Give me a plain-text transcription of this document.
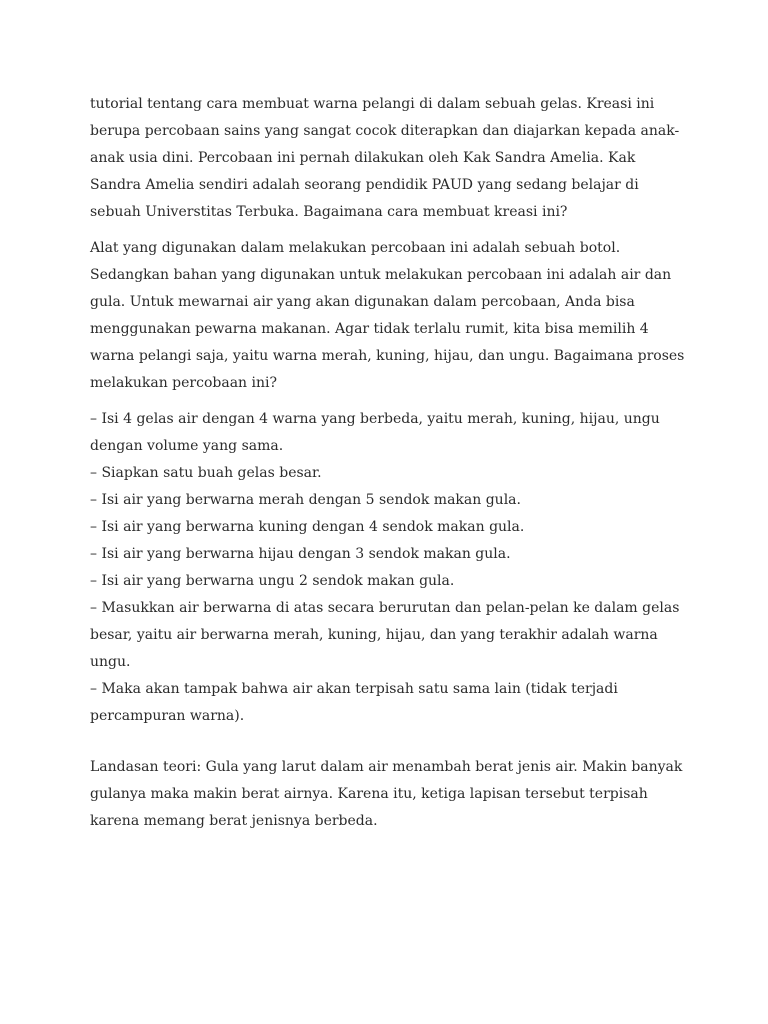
tutorial tentang cara membuat warna pelangi di dalam sebuah gelas. Kreasi ini berupa percobaan sains yang sangat cocok diterapkan dan diajarkan kepada anak-anak usia dini. Percobaan ini pernah dilakukan oleh Kak Sandra Amelia. Kak Sandra Amelia sendiri adalah seorang pendidik PAUD yang sedang belajar di sebuah Universtitas Terbuka. Bagaimana cara membuat kreasi ini?

Alat yang digunakan dalam melakukan percobaan ini adalah sebuah botol. Sedangkan bahan yang digunakan untuk melakukan percobaan ini adalah air dan gula. Untuk mewarnai air yang akan digunakan dalam percobaan, Anda bisa menggunakan pewarna makanan. Agar tidak terlalu rumit, kita bisa memilih 4 warna pelangi saja, yaitu warna merah, kuning, hijau, dan ungu. Bagaimana proses melakukan percobaan ini?

– Isi 4 gelas air dengan 4 warna yang berbeda, yaitu merah, kuning, hijau, ungu dengan volume yang sama.

– Siapkan satu buah gelas besar.

– Isi air yang berwarna merah dengan 5 sendok makan gula.

– Isi air yang berwarna kuning dengan 4 sendok makan gula.

– Isi air yang berwarna hijau dengan 3 sendok makan gula.

– Isi air yang berwarna ungu 2 sendok makan gula.

– Masukkan air berwarna di atas secara berurutan dan pelan-pelan ke dalam gelas besar, yaitu air berwarna merah, kuning, hijau, dan yang terakhir adalah warna ungu.

– Maka akan tampak bahwa air akan terpisah satu sama lain (tidak terjadi percampuran warna).

Landasan teori: Gula yang larut dalam air menambah berat jenis air. Makin banyak gulanya maka makin berat airnya. Karena itu, ketiga lapisan tersebut terpisah karena memang berat jenisnya berbeda.
